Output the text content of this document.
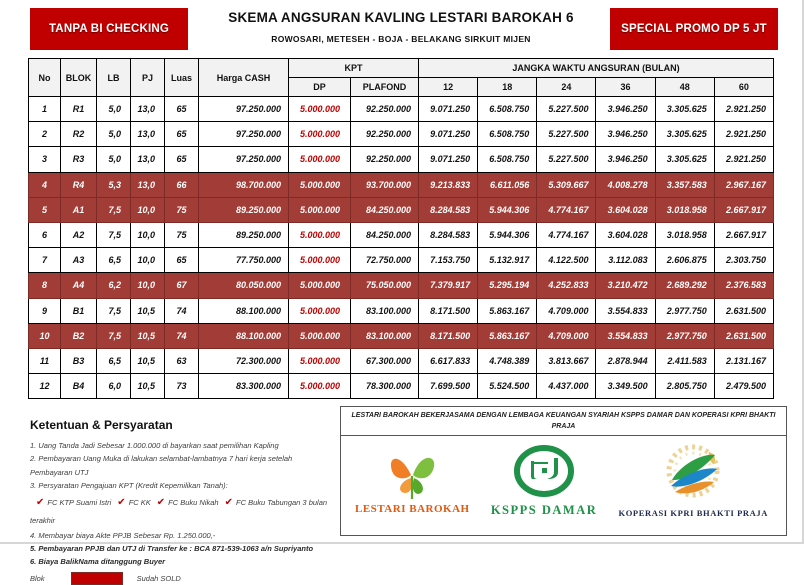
TANPA BI CHECKING
SKEMA ANGSURAN KAVLING LESTARI BAROKAH 6
ROWOSARI, METESEH - BOJA - BELAKANG SIRKUIT MIJEN
SPECIAL PROMO DP 5 JT
No	BLOK	LB	PJ	Luas	Harga CASH	KPT		JANGKA WAKTU ANGSURAN (BULAN)					
						DP	PLAFOND	12	18	24	36	48	60
1	R1	5,0	13,0	65	97.250.000	5.000.000	92.250.000	9.071.250	6.508.750	5.227.500	3.946.250	3.305.625	2.921.250
2	R2	5,0	13,0	65	97.250.000	5.000.000	92.250.000	9.071.250	6.508.750	5.227.500	3.946.250	3.305.625	2.921.250
3	R3	5,0	13,0	65	97.250.000	5.000.000	92.250.000	9.071.250	6.508.750	5.227.500	3.946.250	3.305.625	2.921.250
4	R4	5,3	13,0	66	98.700.000	5.000.000	93.700.000	9.213.833	6.611.056	5.309.667	4.008.278	3.357.583	2.967.167
5	A1	7,5	10,0	75	89.250.000	5.000.000	84.250.000	8.284.583	5.944.306	4.774.167	3.604.028	3.018.958	2.667.917
6	A2	7,5	10,0	75	89.250.000	5.000.000	84.250.000	8.284.583	5.944.306	4.774.167	3.604.028	3.018.958	2.667.917
7	A3	6,5	10,0	65	77.750.000	5.000.000	72.750.000	7.153.750	5.132.917	4.122.500	3.112.083	2.606.875	2.303.750
8	A4	6,2	10,0	67	80.050.000	5.000.000	75.050.000	7.379.917	5.295.194	4.252.833	3.210.472	2.689.292	2.376.583
9	B1	7,5	10,5	74	88.100.000	5.000.000	83.100.000	8.171.500	5.863.167	4.709.000	3.554.833	2.977.750	2.631.500
10	B2	7,5	10,5	74	88.100.000	5.000.000	83.100.000	8.171.500	5.863.167	4.709.000	3.554.833	2.977.750	2.631.500
11	B3	6,5	10,5	63	72.300.000	5.000.000	67.300.000	6.617.833	4.748.389	3.813.667	2.878.944	2.411.583	2.131.167
12	B4	6,0	10,5	73	83.300.000	5.000.000	78.300.000	7.699.500	5.524.500	4.437.000	3.349.500	2.805.750	2.479.500
Ketentuan & Persyaratan
1. Uang Tanda Jadi Sebesar 1.000.000 di bayarkan saat pemilihan Kapling
2. Pembayaran Uang Muka di lakukan selambat-lambatnya 7 hari kerja setelah Pembayaran UTJ
3. Persyaratan Pengajuan KPT (Kredit Kepemilikan Tanah):
✔ FC KTP Suami Istri ✔ FC KK ✔ FC Buku Nikah ✔ FC Buku Tabungan 3 bulan terakhir
4. Membayar biaya Akte PPJB Sebesar Rp. 1.250.000,-
5. Pembayaran PPJB dan UTJ di Transfer ke : BCA 871-539-1063 a/n Supriyanto
6. Biaya BalikNama ditanggung Buyer
Blok	Sudah SOLD
LESTARI BAROKAH BEKERJASAMA DENGAN LEMBAGA KEUANGAN SYARIAH KSPPS DAMAR DAN KOPERASI KPRI BHAKTI PRAJA
LESTARI BAROKAH KSPPS DAMAR KOPERASI KPRI BHAKTI PRAJA
